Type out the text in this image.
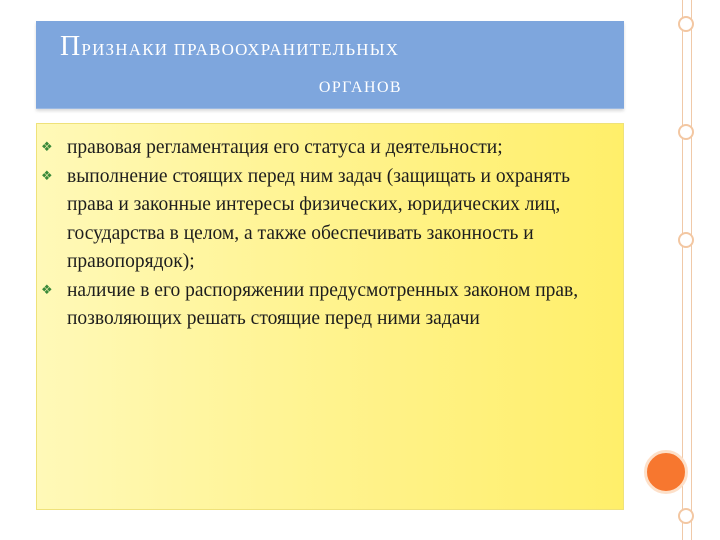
ПРИЗНАКИ ПРАВООХРАНИТЕЛЬНЫХ
ОРГАНОВ
❖ правовая регламентация его статуса и деятельности;
❖ выполнение стоящих перед ним задач (защищать и охранять права и законные интересы физических, юридических лиц, государства в целом, а также обеспечивать законность и правопорядок);
❖ наличие в его распоряжении предусмотренных законом прав, позволяющих решать стоящие перед ними задачи
